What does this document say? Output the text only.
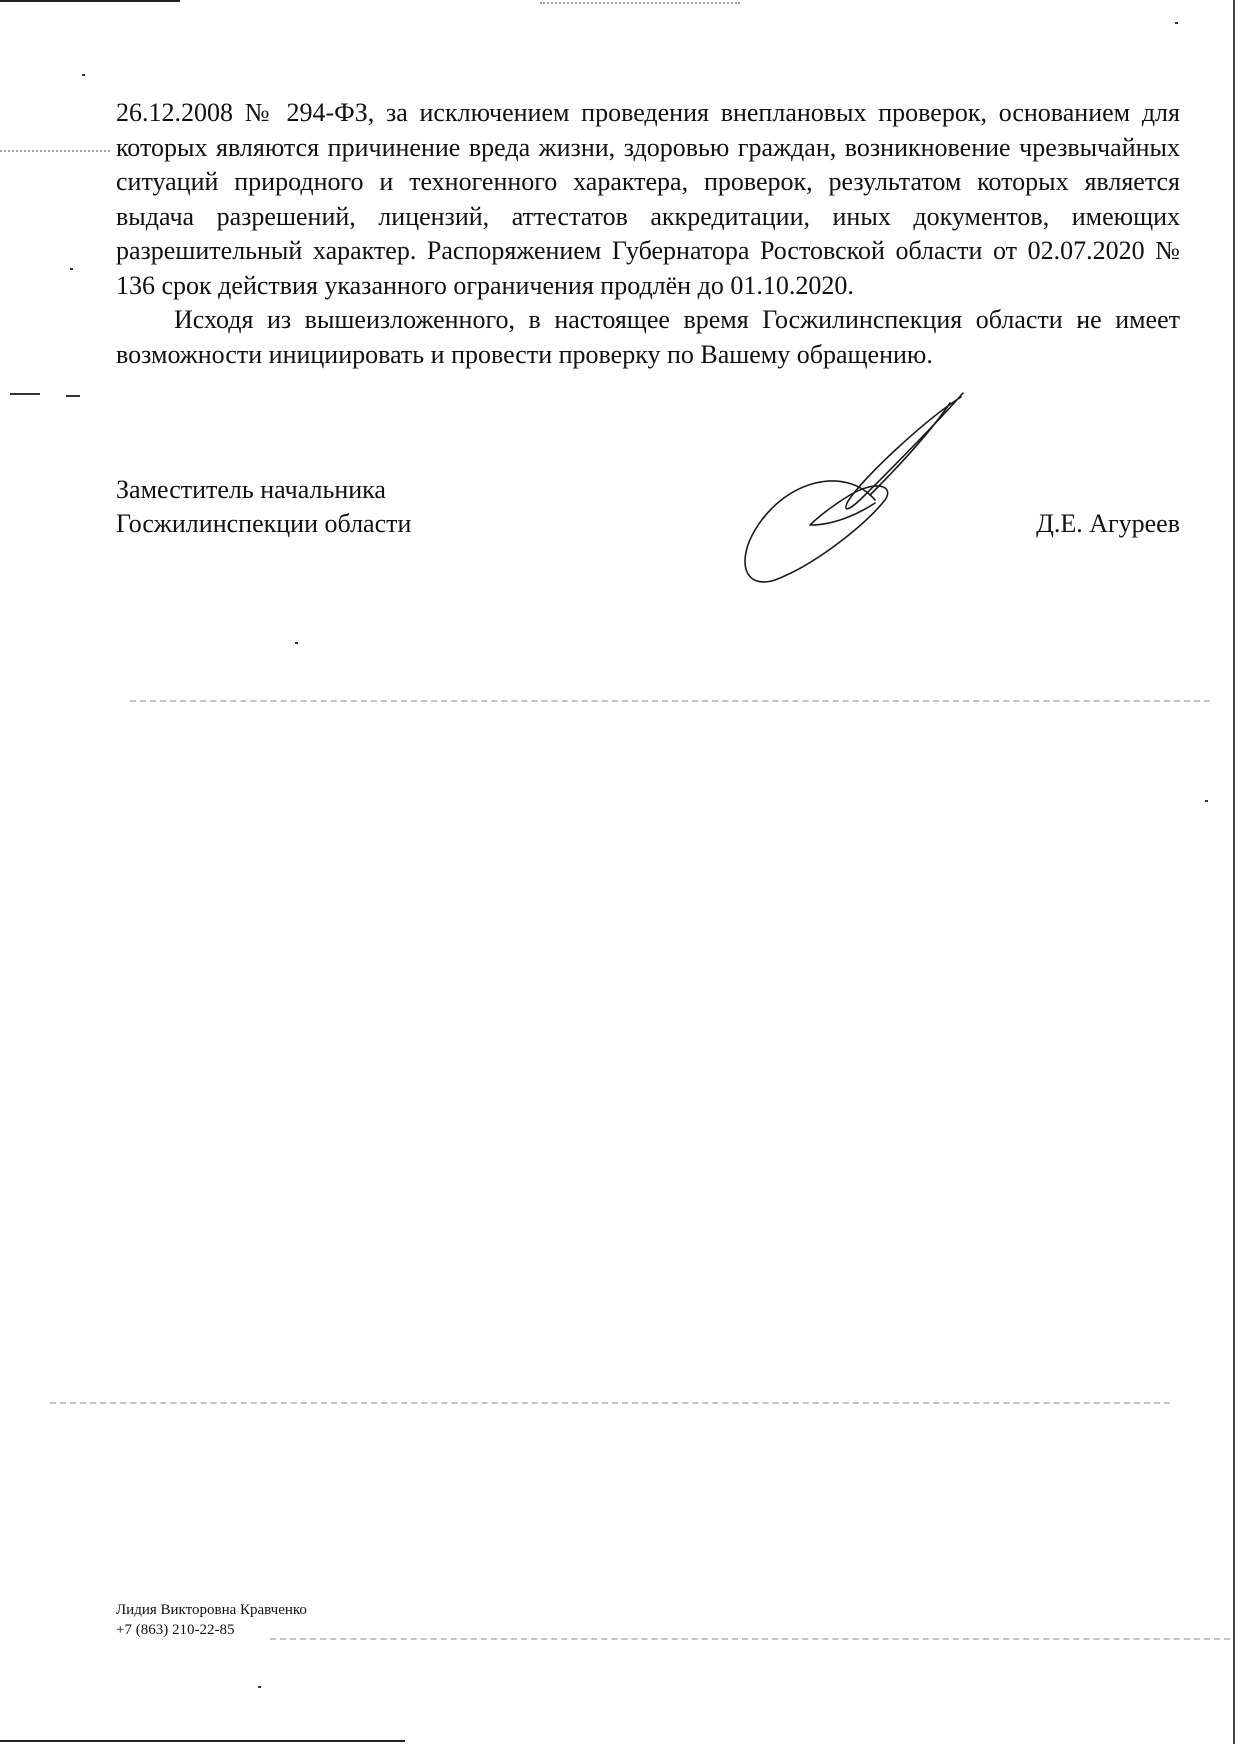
26.12.2008 № 294-ФЗ, за исключением проведения внеплановых проверок, основанием для которых являются причинение вреда жизни, здоровью граждан, возникновение чрезвычайных ситуаций природного и техногенного характера, проверок, результатом которых является выдача разрешений, лицензий, аттестатов аккредитации, иных документов, имеющих разрешительный характер. Распоряжением Губернатора Ростовской области от 02.07.2020 № 136 срок действия указанного ограничения продлён до 01.10.2020.

Исходя из вышеизложенного, в настоящее время Госжилинспекция области не имеет возможности инициировать и провести проверку по Вашему обращению.

Заместитель начальника
Госжилинспекции области	Д.Е. Агуреев
Лидия Викторовна Кравченко
+7 (863) 210-22-85
